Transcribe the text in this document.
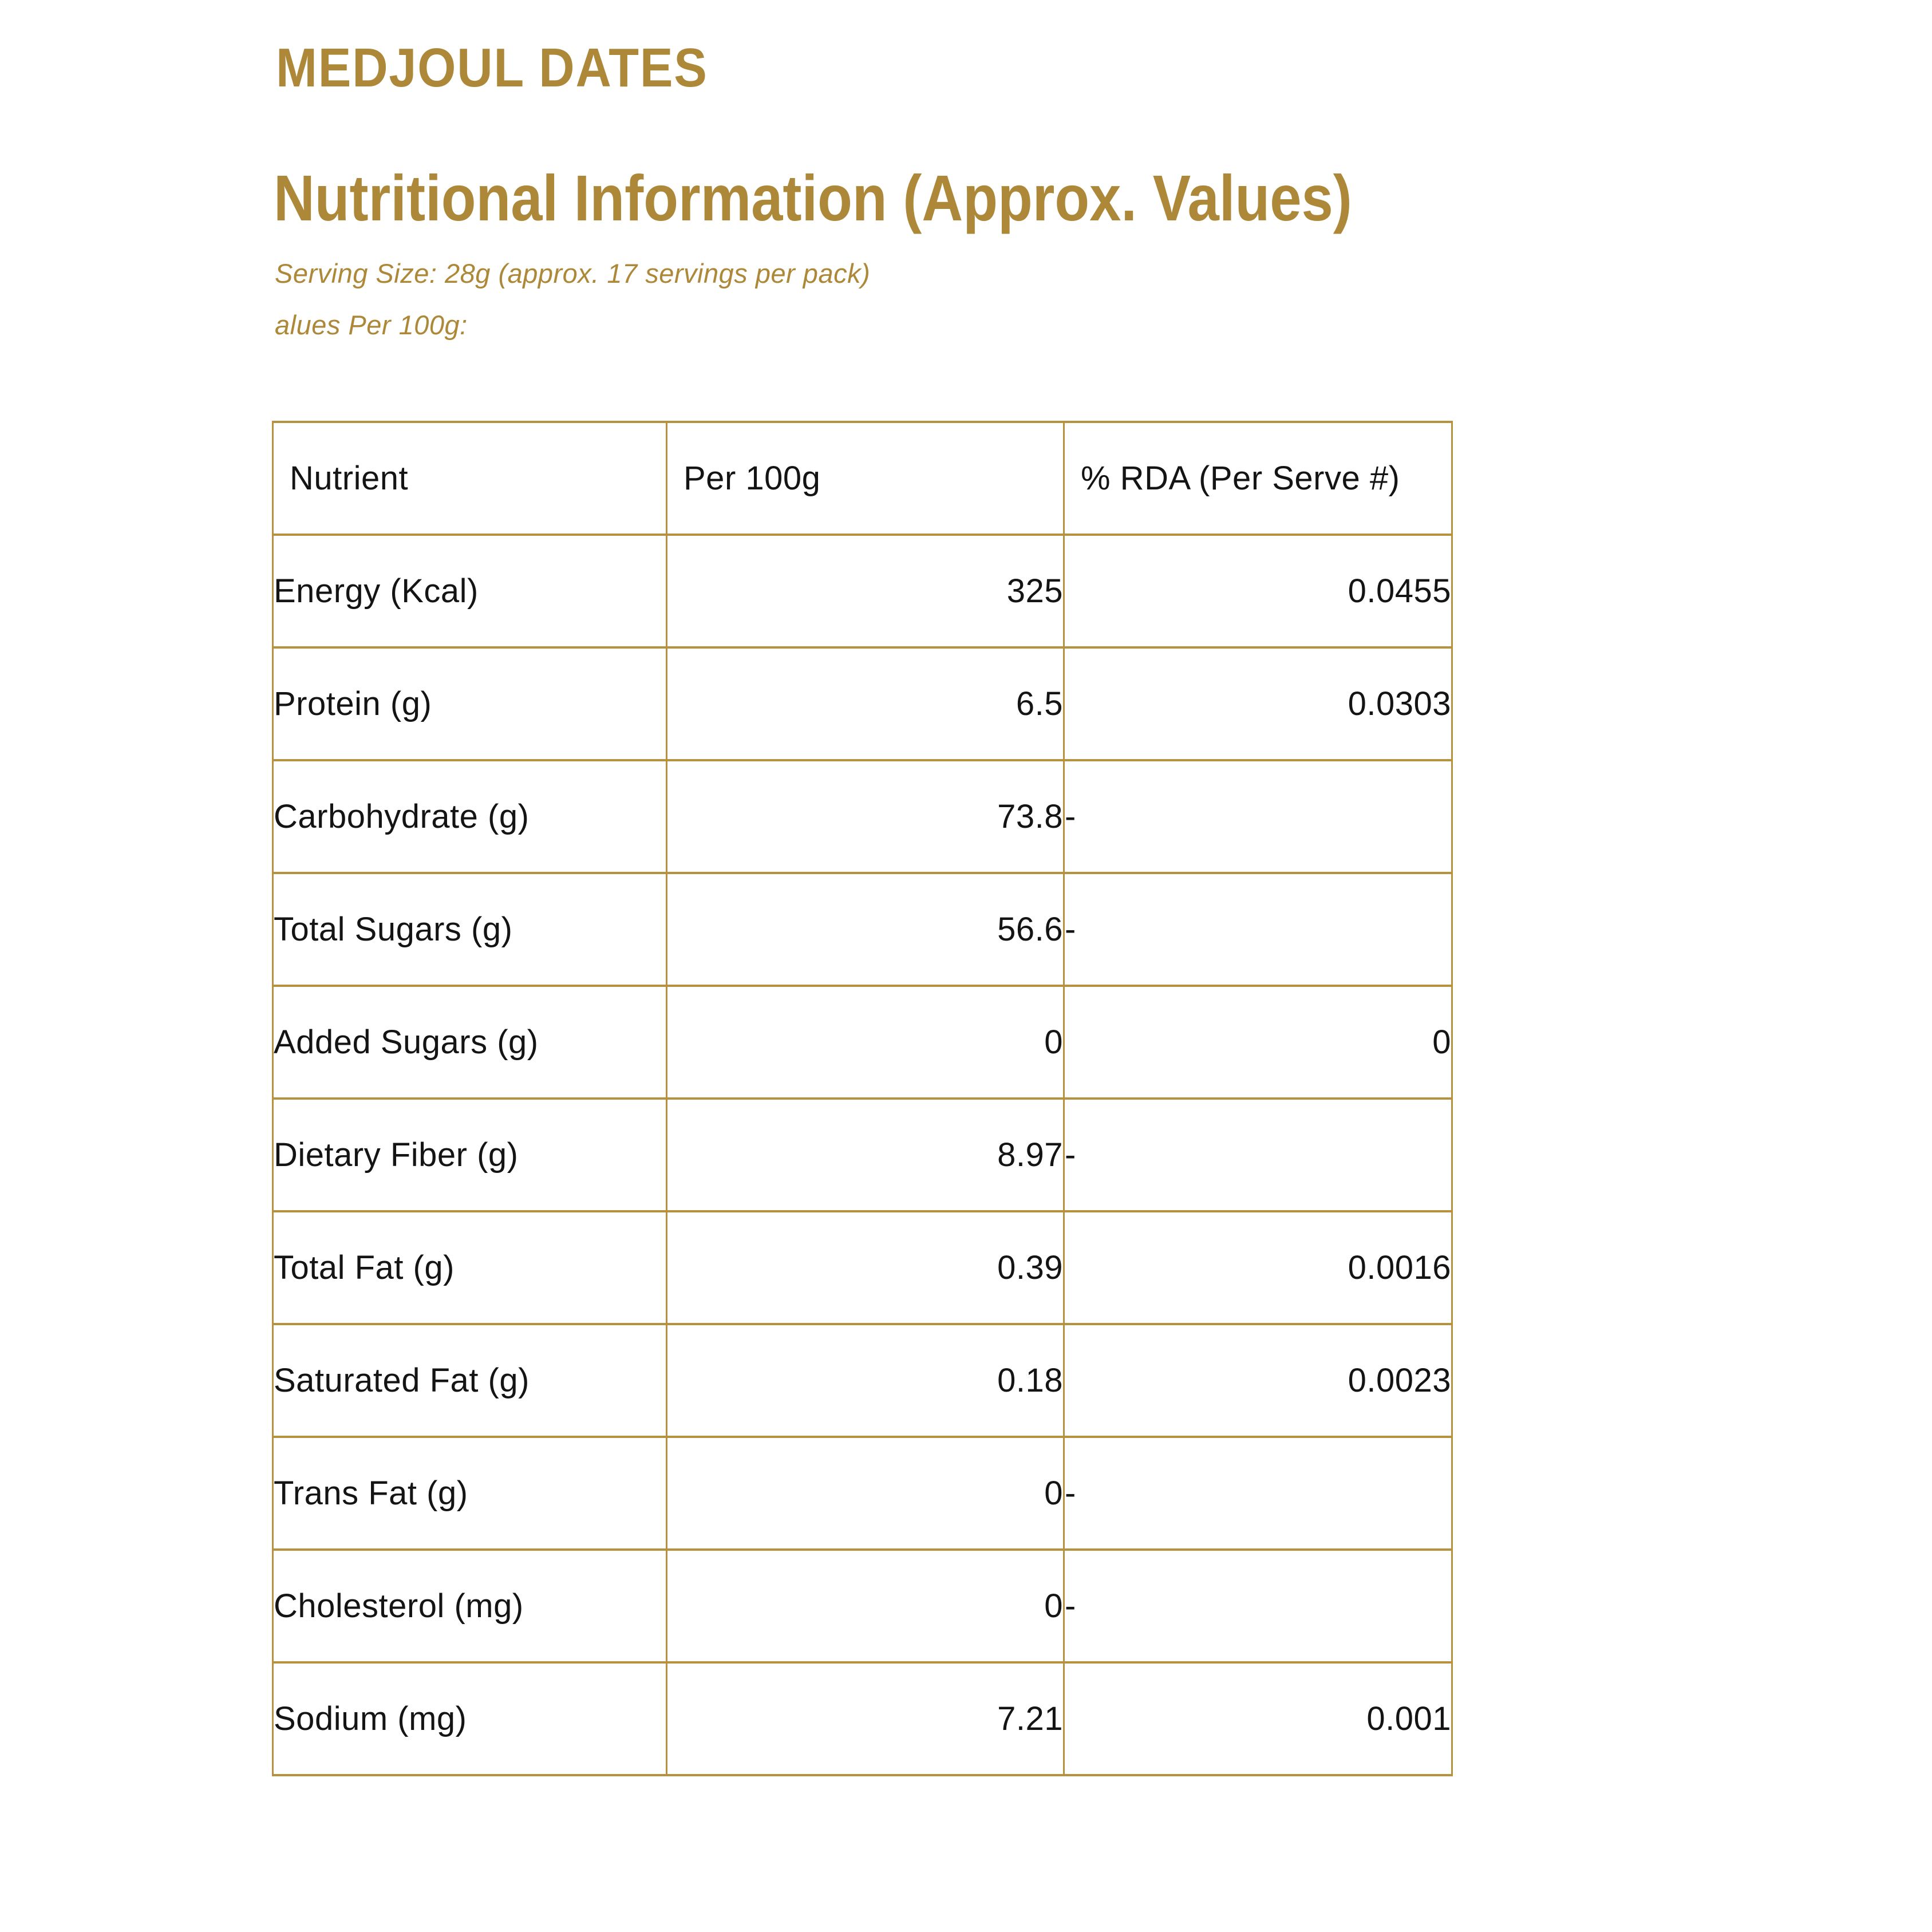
MEDJOUL DATES
Nutritional Information (Approx. Values)

Serving Size: 28g (approx. 17 servings per pack)

alues Per 100g:

Nutrient	Per 100g	% RDA (Per Serve #)
Energy (Kcal)	325	0.0455
Protein (g)	6.5	0.0303
Carbohydrate (g)	73.8	-
Total Sugars (g)	56.6	-
Added Sugars (g)	0	0
Dietary Fiber (g)	8.97	-
Total Fat (g)	0.39	0.0016
Saturated Fat (g)	0.18	0.0023
Trans Fat (g)	0	-
Cholesterol (mg)	0	-
Sodium (mg)	7.21	0.001
